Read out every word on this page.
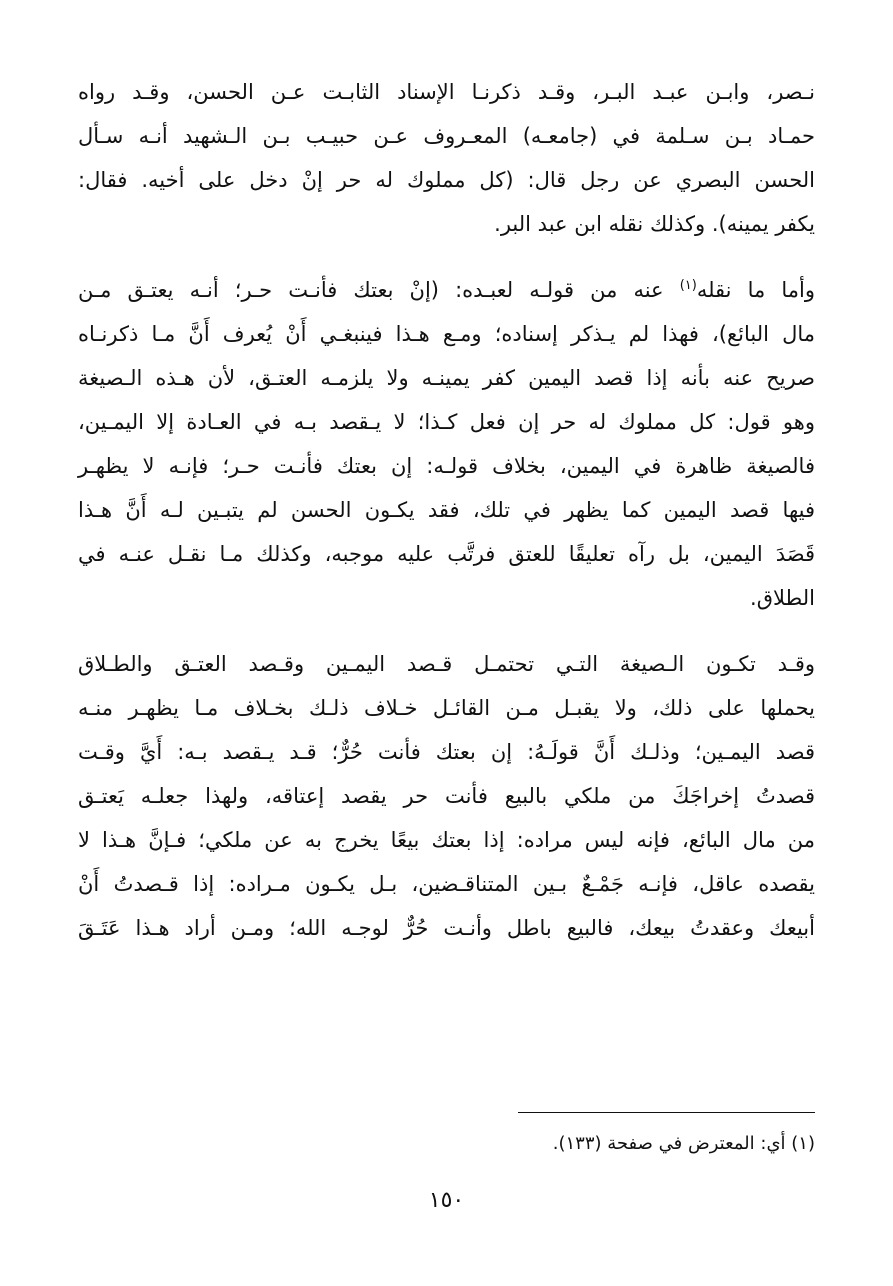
نـصر، وابـن عبـد البـر، وقـد ذكرنـا الإسناد الثابـت عـن الحسن، وقـد رواه
حمـاد بـن سـلمة في (جامعـه) المعـروف عـن حبيـب بـن الـشهيد أنـه سـأل
الحسن البصري عن رجل قال: (كل مملوك له حر إنْ دخل على أخيه. فقال:
يكفر يمينه). وكذلك نقله ابن عبد البر.
وأما ما نقله$^{(١)}$ عنه من قولـه لعبـده: (إنْ بعتك فأنـت حـر؛ أنـه يعتـق مـن
مال البائع)، فهذا لم يـذكر إسناده؛ ومـع هـذا فينبغـي أَنْ يُعرف أَنَّ مـا ذكرنـاه
صريح عنه بأنه إذا قصد اليمين كفر يمينـه ولا يلزمـه العتـق، لأن هـذه الـصيغة
وهو قول: كل مملوك له حر إن فعل كـذا؛ لا يـقصد بـه في العـادة إلا اليمـين،
فالصيغة ظاهرة في اليمين، بخلاف قولـه: إن بعتك فأنـت حـر؛ فإنـه لا يظهـر
فيها قصد اليمين كما يظهر في تلك، فقد يكـون الحسن لم يتبـين لـه أَنَّ هـذا
قَصَدَ اليمين، بل رآه تعليقًا للعتق فرتَّب عليه موجبه، وكذلك مـا نقـل عنـه في
الطلاق.
وقـد تكـون الـصيغة التـي تحتمـل قـصد اليمـين وقـصد العتـق والطـلاق
يحملها على ذلك، ولا يقبـل مـن القائـل خـلاف ذلـك بخـلاف مـا يظهـر منـه
قصد اليمـين؛ وذلـك أَنَّ قولَـهُ: إن بعتك فأنت حُرٌّ؛ قـد يـقصد بـه: أَيَّ وقـت
قصدتُ إخراجَكَ من ملكي بالبيع فأنت حر يقصد إعتاقه، ولهذا جعلـه يَعتـق
من مال البائع، فإنه ليس مراده: إذا بعتك بيعًا يخرج به عن ملكي؛ فـإنَّ هـذا لا
يقصده عاقل، فإنـه جَمْـعٌ بـين المتناقـضين، بـل يكـون مـراده: إذا قـصدتُ أَنْ
أبيعك وعقدتُ بيعك، فالبيع باطل وأنـت حُرٌّ لوجـه الله؛ ومـن أراد هـذا عَتَـقَ
(١) أي: المعترض في صفحة (١٣٣).
١٥٠
